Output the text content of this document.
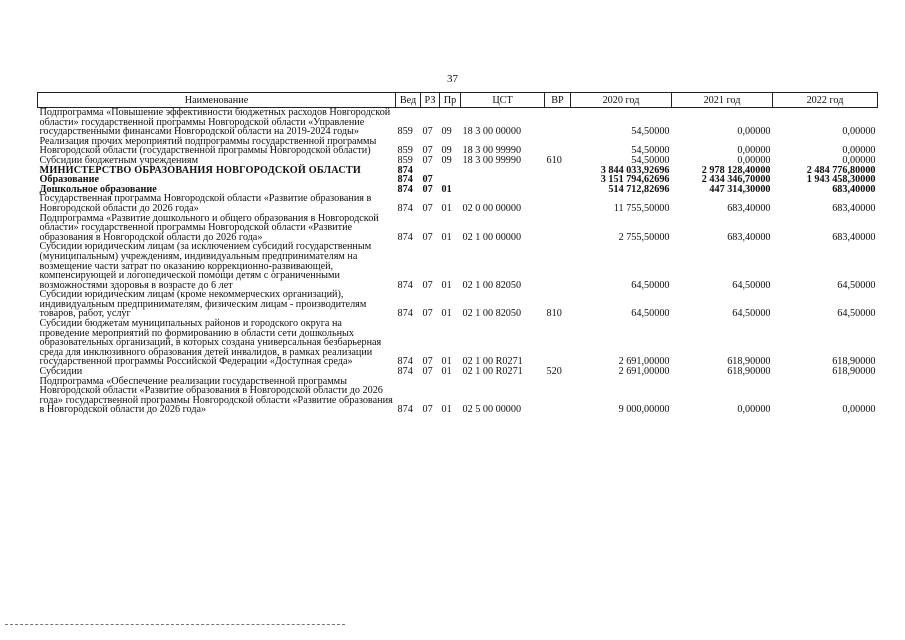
37
Наименование	Вед	РЗ	Пр	ЦСТ	ВР	2020 год	2021 год	2022 год
Подпрограмма «Повышение эффективности бюджетных расходов Новгородской области» государственной программы Новгородской области «Управление государственными финансами Новгородской области на 2019-2024 годы»	859	07	09	18 3 00 00000		54,50000	0,00000	0,00000
Реализация прочих мероприятий подпрограммы государственной программы Новгородской области (государственной программы Новгородской области)	859	07	09	18 3 00 99990		54,50000	0,00000	0,00000
Субсидии бюджетным учреждениям	859	07	09	18 3 00 99990	610	54,50000	0,00000	0,00000
МИНИСТЕРСТВО ОБРАЗОВАНИЯ НОВГОРОДСКОЙ ОБЛАСТИ	874					3 844 033,92696	2 978 128,40000	2 484 776,80000
Образование	874	07				3 151 794,62696	2 434 346,70000	1 943 458,30000
Дошкольное образование	874	07	01			514 712,82696	447 314,30000	683,40000
Государственная программа Новгородской области «Развитие образования в Новгородской области до 2026 года»	874	07	01	02 0 00 00000		11 755,50000	683,40000	683,40000
Подпрограмма «Развитие дошкольного и общего образования в Новгородской области» государственной программы Новгородской области «Развитие образования в Новгородской области до 2026 года»	874	07	01	02 1 00 00000		2 755,50000	683,40000	683,40000
Субсидии юридическим лицам (за исключением субсидий государственным (муниципальным) учреждениям, индивидуальным предпринимателям на возмещение части затрат по оказанию коррекционно-развивающей, компенсирующей и логопедической помощи детям с ограниченными возможностями здоровья в возрасте до 6 лет	874	07	01	02 1 00 82050		64,50000	64,50000	64,50000
Субсидии юридическим лицам (кроме некоммерческих организаций), индивидуальным предпринимателям, физическим лицам - производителям товаров, работ, услуг	874	07	01	02 1 00 82050	810	64,50000	64,50000	64,50000
Субсидии бюджетам муниципальных районов и городского округа на проведение мероприятий по формированию в области сети дошкольных образовательных организаций, в которых создана универсальная безбарьерная среда для инклюзивного образования детей инвалидов, в рамках реализации государственной программы Российской Федерации «Доступная среда»	874	07	01	02 1 00 R0271		2 691,00000	618,90000	618,90000
Субсидии	874	07	01	02 1 00 R0271	520	2 691,00000	618,90000	618,90000
Подпрограмма «Обеспечение реализации государственной программы Новгородской области «Развитие образования в Новгородской области до 2026 года» государственной программы Новгородской области «Развитие образования в Новгородской области до 2026 года»	874	07	01	02 5 00 00000		9 000,00000	0,00000	0,00000
